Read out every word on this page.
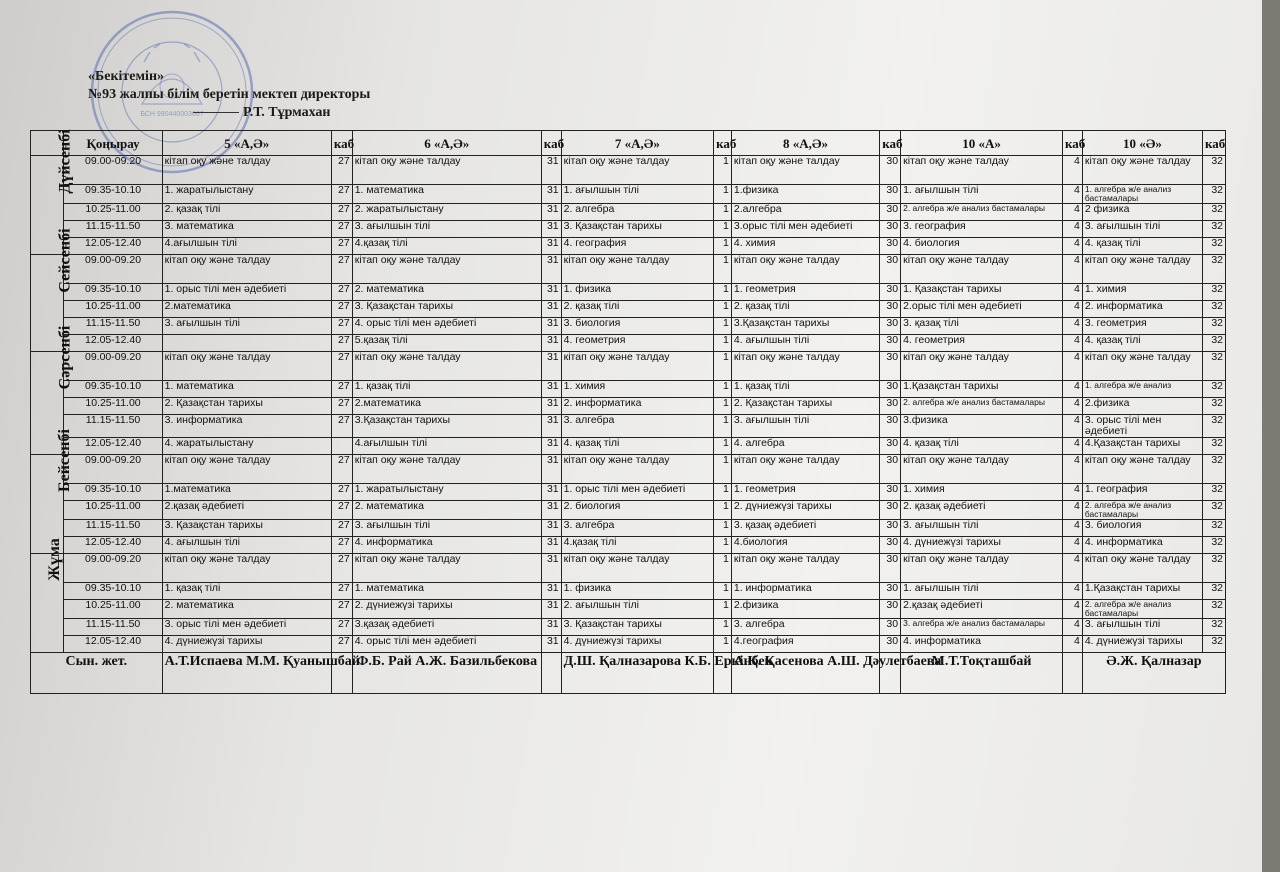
БСН 990440003667
«Бекітемін»
№93 жалпы білім беретін мектеп директоры
Р.Т. Тұрмахан
	Қоңырау	5 «А,Ә»	каб	6 «А,Ә»	каб	7 «А,Ә»	каб	8 «А,Ә»	каб	10 «А»	каб	10 «Ә»	каб
Дүйсенбі	09.00-09.20	кітап оқу және талдау	27	кітап оқу және талдау	31	кітап оқу және талдау	1	кітап оқу және талдау	30	кітап оқу және талдау	4	кітап оқу және талдау	32
	09.35-10.10	1. жаратылыстану	27	1. математика	31	1. ағылшын тілі	1	1.физика	30	1. ағылшын тілі	4	1. алгебра ж/е анализ бастамалары	32
	10.25-11.00	2. қазақ тілі	27	2. жаратылыстану	31	2. алгебра	1	2.алгебра	30	2. алгебра ж/е анализ бастамалары	4	2 физика	32
	11.15-11.50	3. математика	27	3. ағылшын тілі	31	3. Қазақстан тарихы	1	3.орыс тілі мен әдебиеті	30	3. география	4	3. ағылшын тілі	32
	12.05-12.40	4.ағылшын тілі	27	4.қазақ тілі	31	4. география	1	4. химия	30	4. биология	4	4. қазақ тілі	32
Сейсенбі	09.00-09.20	кітап оқу және талдау	27	кітап оқу және талдау	31	кітап оқу және талдау	1	кітап оқу және талдау	30	кітап оқу және талдау	4	кітап оқу және талдау	32
	09.35-10.10	1. орыс тілі мен әдебиеті	27	2. математика	31	1. физика	1	1. геометрия	30	1. Қазақстан тарихы	4	1. химия	32
	10.25-11.00	2.математика	27	3. Қазақстан тарихы	31	2. қазақ тілі	1	2. қазақ тілі	30	2.орыс тілі мен әдебиеті	4	2. информатика	32
	11.15-11.50	3. ағылшын тілі	27	4. орыс тілі мен әдебиеті	31	3. биология	1	3.Қазақстан тарихы	30	3. қазақ тілі	4	3. геометрия	32
	12.05-12.40		27	5.қазақ тілі	31	4. геометрия	1	4. ағылшын тілі	30	4. геометрия	4	4. қазақ тілі	32
Сәрсенбі	09.00-09.20	кітап оқу және талдау	27	кітап оқу және талдау	31	кітап оқу және талдау	1	кітап оқу және талдау	30	кітап оқу және талдау	4	кітап оқу және талдау	32
	09.35-10.10	1. математика	27	1. қазақ тілі	31	1. химия	1	1. қазақ тілі	30	1.Қазақстан тарихы	4	1. алгебра ж/е анализ	32
	10.25-11.00	2. Қазақстан тарихы	27	2.математика	31	2. информатика	1	2. Қазақстан тарихы	30	2. алгебра ж/е анализ бастамалары	4	2.физика	32
	11.15-11.50	3. информатика	27	3.Қазақстан тарихы	31	3. алгебра	1	3. ағылшын тілі	30	3.физика	4	3. орыс тілі мен әдебиеті	32
	12.05-12.40	4. жаратылыстану		4.ағылшын тілі	31	4. қазақ тілі	1	4. алгебра	30	4. қазақ тілі	4	4.Қазақстан тарихы	32
Бейсенбі	09.00-09.20	кітап оқу және талдау	27	кітап оқу және талдау	31	кітап оқу және талдау	1	кітап оқу және талдау	30	кітап оқу және талдау	4	кітап оқу және талдау	32
	09.35-10.10	1.математика	27	1. жаратылыстану	31	1. орыс тілі мен әдебиеті	1	1. геометрия	30	1. химия	4	1. география	32
	10.25-11.00	2.қазақ әдебиеті	27	2. математика	31	2. биология	1	2. дүниежүзі тарихы	30	2. қазақ әдебиеті	4	2. алгебра ж/е анализ бастамалары	32
	11.15-11.50	3. Қазақстан тарихы	27	3. ағылшын тілі	31	3. алгебра	1	3. қазақ әдебиеті	30	3. ағылшын тілі	4	3. биология	32
	12.05-12.40	4. ағылшын тілі	27	4. информатика	31	4.қазақ тілі	1	4.биология	30	4. дүниежүзі тарихы	4	4. информатика	32
Жұма	09.00-09.20	кітап оқу және талдау	27	кітап оқу және талдау	31	кітап оқу және талдау	1	кітап оқу және талдау	30	кітап оқу және талдау	4	кітап оқу және талдау	32
	09.35-10.10	1. қазақ тілі	27	1. математика	31	1. физика	1	1. информатика	30	1. ағылшын тілі	4	1.Қазақстан тарихы	32
	10.25-11.00	2. математика	27	2. дүниежүзі тарихы	31	2. ағылшын тілі	1	2.физика	30	2.қазақ әдебиеті	4	2. алгебра ж/е анализ бастамалары	32
	11.15-11.50	3. орыс тілі мен әдебиеті	27	3.қазақ әдебиеті	31	3. Қазақстан тарихы	1	3. алгебра	30	3. алгебра ж/е анализ бастамалары	4	3. ағылшын тілі	32
	12.05-12.40	4. дүниежүзі тарихы	27	4. орыс тілі мен әдебиеті	31	4. дүниежүзі тарихы	1	4.география	30	4. информатика	4	4. дүниежүзі тарихы	32
Сын. жет.		А.Т.Испаева М.М. Қуанышбай		Ф.Б. Рай А.Ж. Базильбекова		Д.Ш. Қалназарова К.Б. Еркінбек		А.Қ. Қасенова А.Ш. Дәулетбаева		М.Т.Тоқташбай		Ә.Ж. Қалназар	
